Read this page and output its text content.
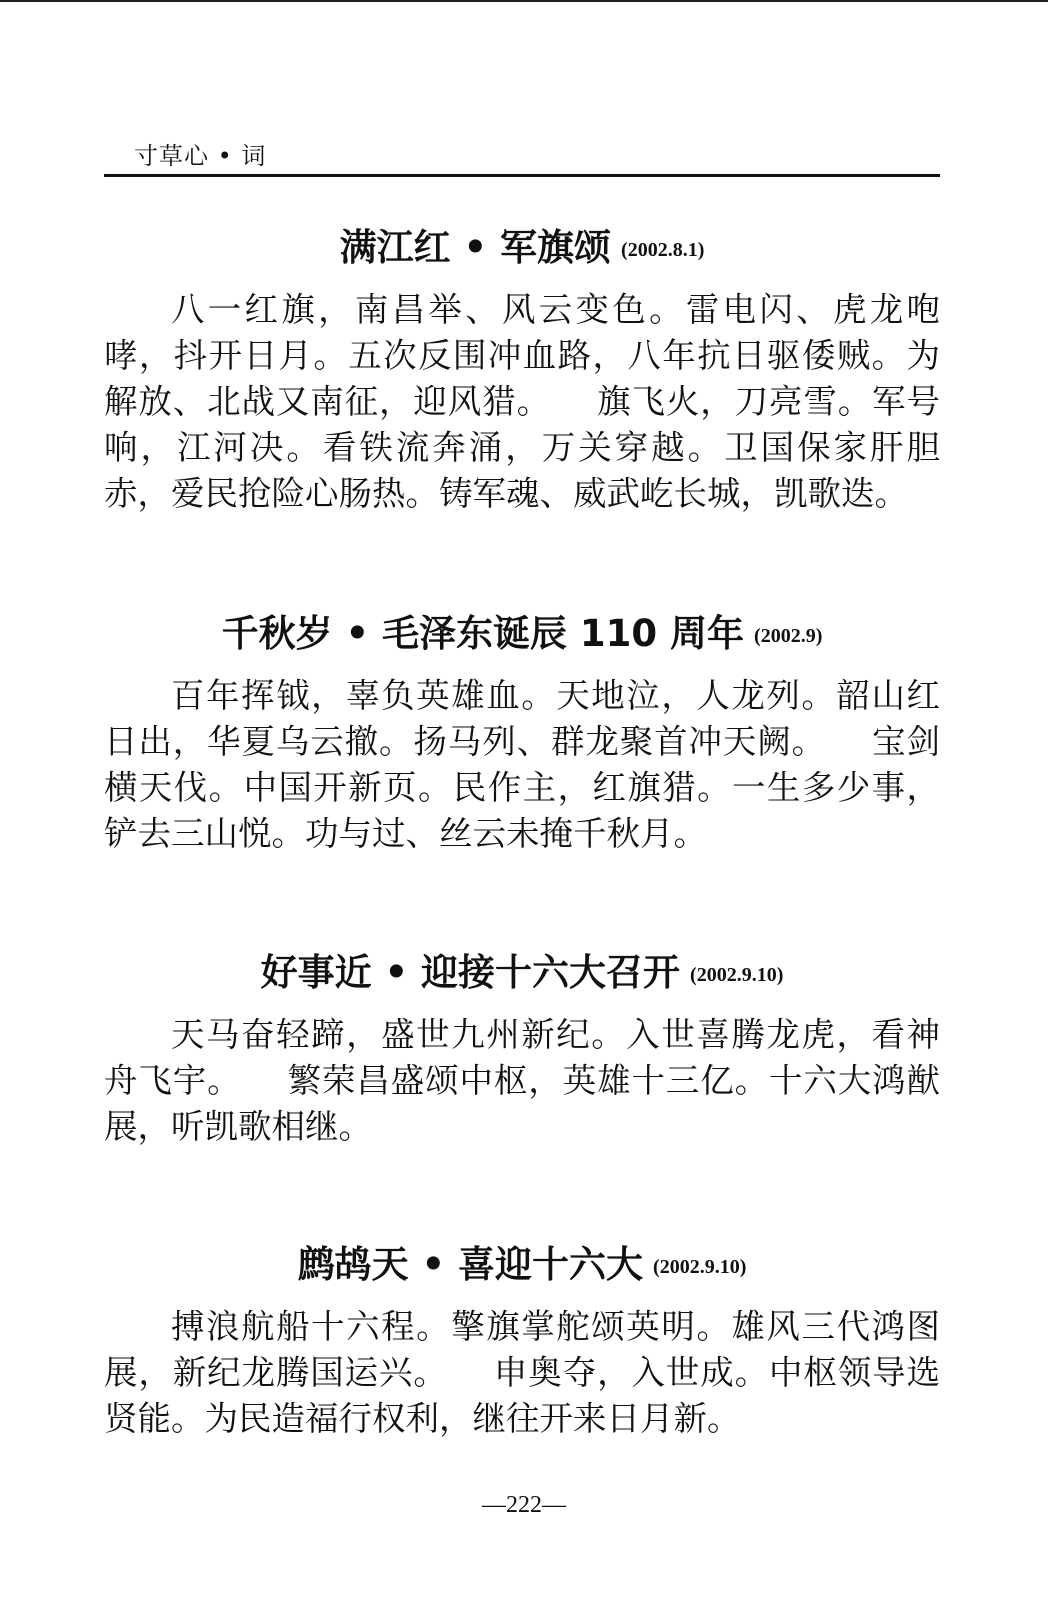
寸草心 • 词
满江红 • 军旗颂 (2002.8.1)
八一红旗，南昌举、风云变色。雷电闪、虎龙咆哮，抖开日月。五次反围冲血路，八年抗日驱倭贼。为解放、北战又南征，迎风猎。    旗飞火，刀亮雪。军号响，江河决。看铁流奔涌，万关穿越。卫国保家肝胆赤，爱民抢险心肠热。铸军魂、威武屹长城，凯歌迭。
千秋岁 • 毛泽东诞辰 110 周年 (2002.9)
百年挥钺，辜负英雄血。天地泣，人龙列。韶山红日出，华夏乌云撤。扬马列、群龙聚首冲天阙。    宝剑横天伐。中国开新页。民作主，红旗猎。一生多少事，铲去三山悦。功与过、丝云未掩千秋月。
好事近 • 迎接十六大召开 (2002.9.10)
天马奋轻蹄，盛世九州新纪。入世喜腾龙虎，看神舟飞宇。    繁荣昌盛颂中枢，英雄十三亿。十六大鸿猷展，听凯歌相继。
鹧鸪天 • 喜迎十六大 (2002.9.10)
搏浪航船十六程。擎旗掌舵颂英明。雄风三代鸿图展，新纪龙腾国运兴。    申奥夺，入世成。中枢领导选贤能。为民造福行权利，继往开来日月新。
—222—
